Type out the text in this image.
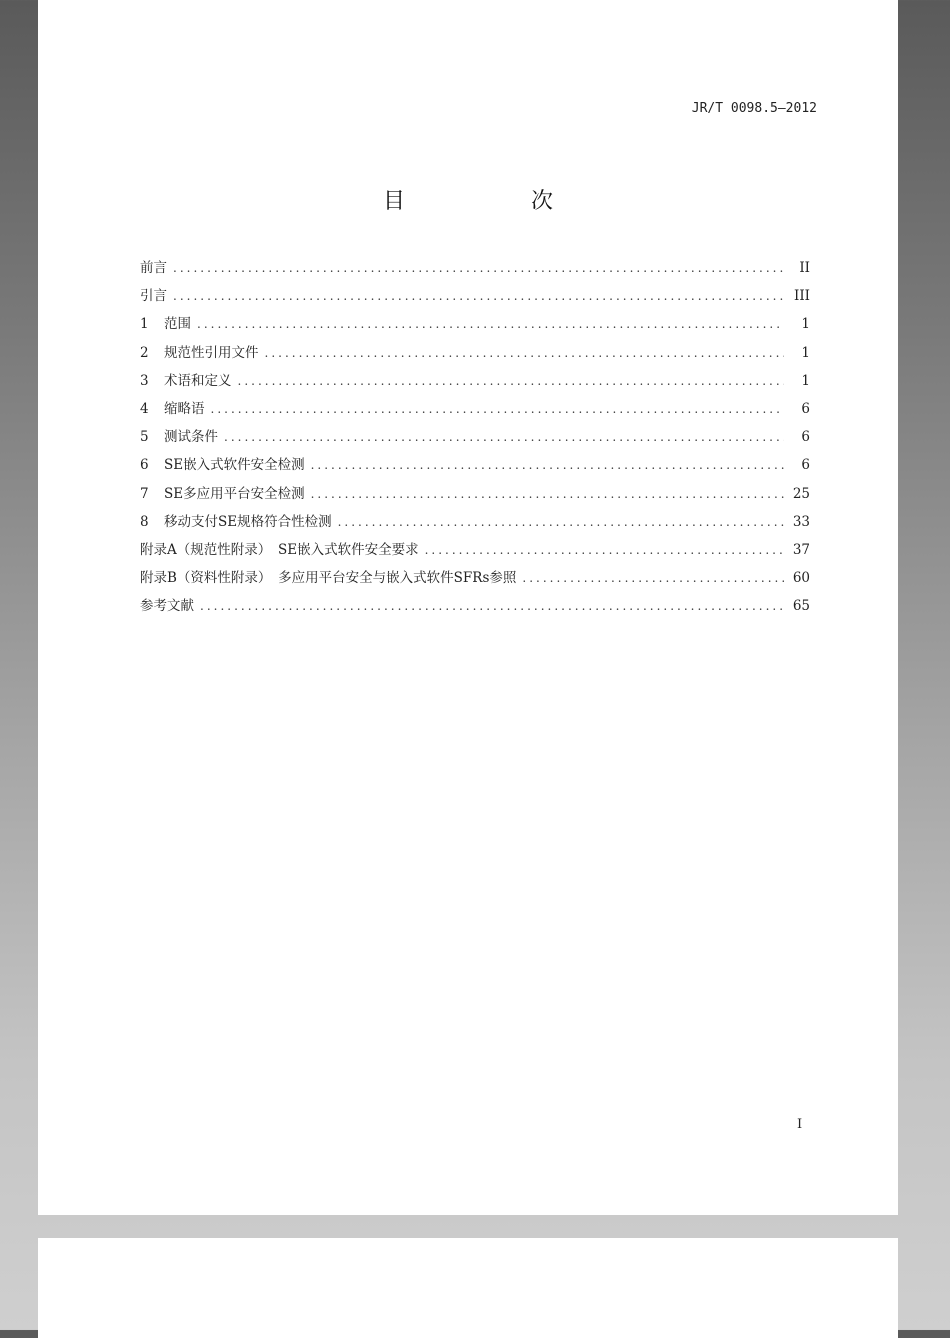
JR/T 0098.5—2012
目　次
前言 .....	II
引言 .....	III
1	范围 .....	1
2	规范性引用文件 .....	1
3	术语和定义 .....	1
4	缩略语 .....	6
5	测试条件 .....	6
6	SE嵌入式软件安全检测 .....	6
7	SE多应用平台安全检测 .....	25
8	移动支付SE规格符合性检测 .....	33
附录A（规范性附录）　SE嵌入式软件安全要求 .....	37
附录B（资料性附录）　多应用平台安全与嵌入式软件SFRs参照 .....	60
参考文献 .....	65
I
